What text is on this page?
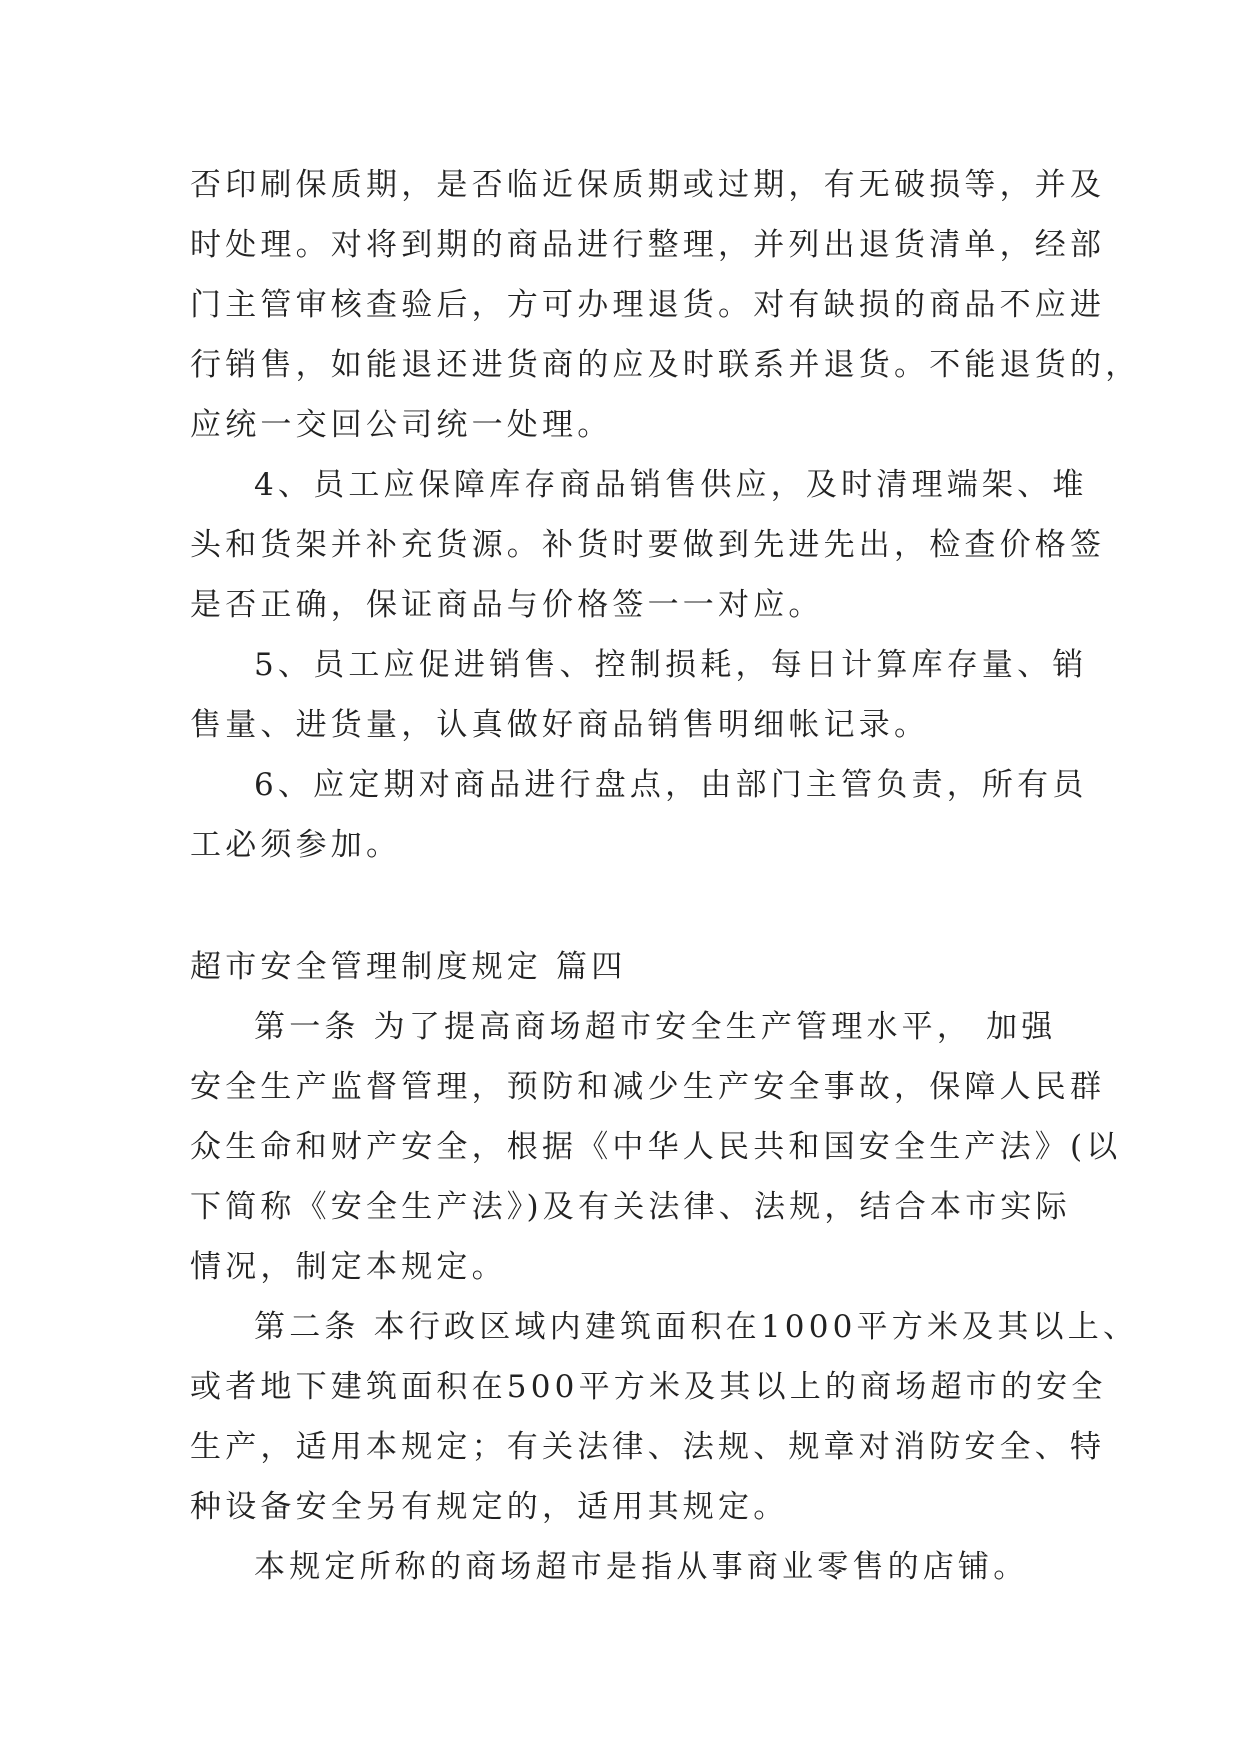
否印刷保质期，是否临近保质期或过期，有无破损等，并及
时处理。对将到期的商品进行整理，并列出退货清单，经部
门主管审核查验后，方可办理退货。对有缺损的商品不应进
行销售，如能退还进货商的应及时联系并退货。不能退货的，
应统一交回公司统一处理。
4、员工应保障库存商品销售供应，及时清理端架、堆
头和货架并补充货源。补货时要做到先进先出，检查价格签
是否正确，保证商品与价格签一一对应。
5、员工应促进销售、控制损耗，每日计算库存量、销
售量、进货量，认真做好商品销售明细帐记录。
6、应定期对商品进行盘点，由部门主管负责，所有员
工必须参加。
超市安全管理制度规定 篇四
第一条 为了提高商场超市安全生产管理水平， 加强
安全生产监督管理，预防和减少生产安全事故，保障人民群
众生命和财产安全，根据《中华人民共和国安全生产法》(以
下简称《安全生产法》)及有关法律、法规，结合本市实际
情况，制定本规定。
第二条 本行政区域内建筑面积在1000平方米及其以上、
或者地下建筑面积在500平方米及其以上的商场超市的安全
生产，适用本规定；有关法律、法规、规章对消防安全、特
种设备安全另有规定的，适用其规定。
本规定所称的商场超市是指从事商业零售的店铺。
